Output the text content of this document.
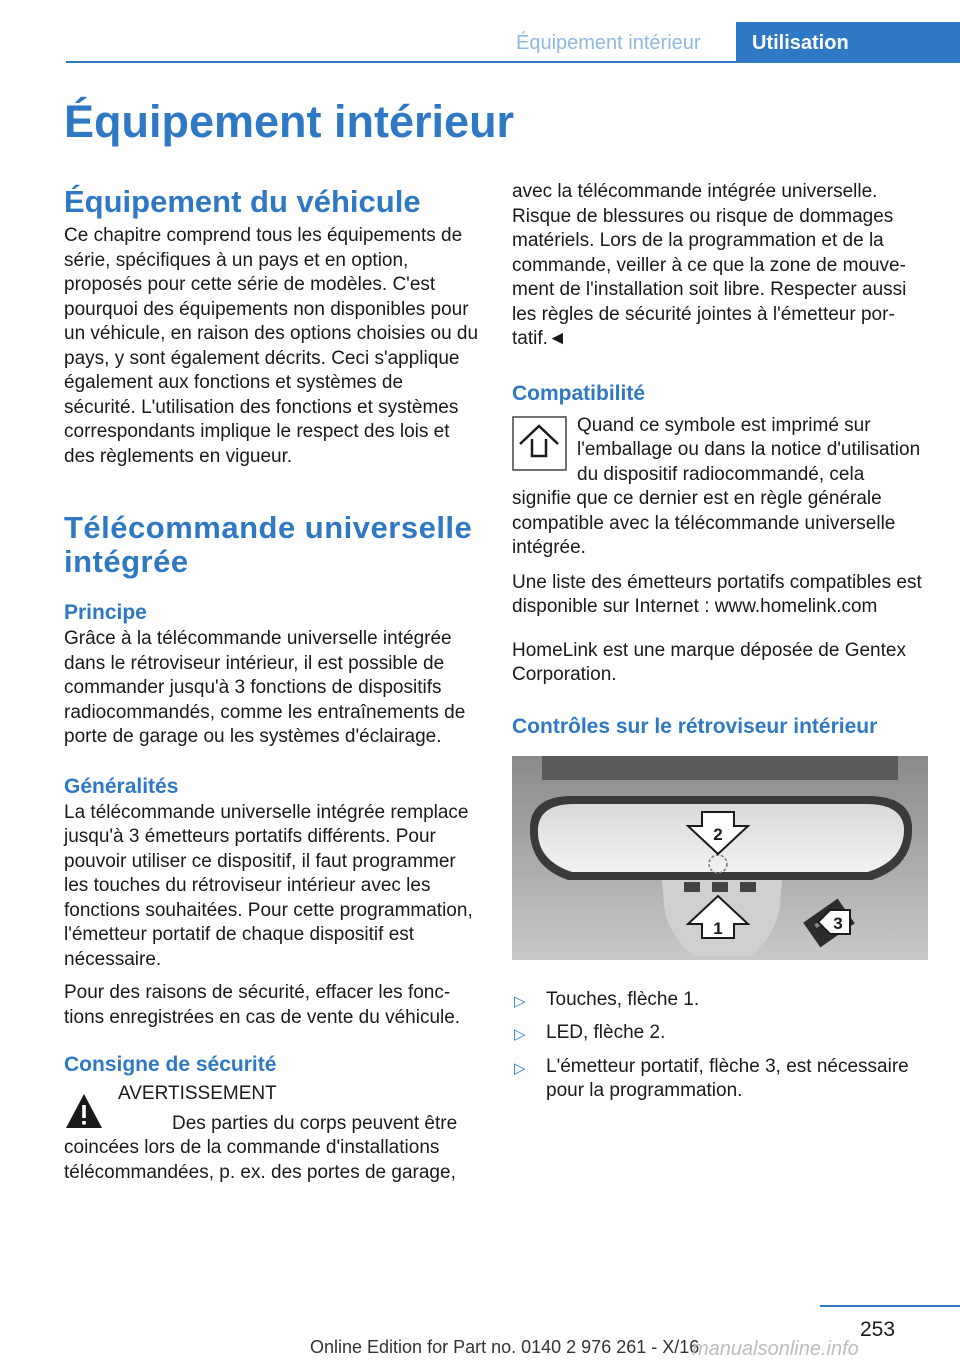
Équipement intérieur	Utilisation
Équipement intérieur
Équipement du véhicule

Ce chapitre comprend tous les équipements de série, spécifiques à un pays et en option, proposés pour cette série de modèles. C'est pourquoi des équipements non disponibles pour un véhicule, en raison des options choisies ou du pays, y sont également décrits. Ceci s'applique également aux fonctions et systèmes de sécurité. L'utilisation des fonctions et systèmes correspondants implique le respect des lois et des règlements en vigueur.

Télécommande universelle intégrée
Principe

Grâce à la télécommande universelle intégrée dans le rétroviseur intérieur, il est possible de commander jusqu'à 3 fonctions de dispositifs radiocommandés, comme les entraînements de porte de garage ou les systèmes d'éclairage.

Généralités

La télécommande universelle intégrée remplace jusqu'à 3 émetteurs portatifs différents. Pour pouvoir utiliser ce dispositif, il faut programmer les touches du rétroviseur intérieur avec les fonctions souhaitées. Pour cette programmation, l'émetteur portatif de chaque dispositif est nécessaire.

Pour des raisons de sécurité, effacer les fonctions enregistrées en cas de vente du véhicule.

Consigne de sécurité

AVERTISSEMENT

Des parties du corps peuvent être coincées lors de la commande d'installations télécommandées, p. ex. des portes de garage,

avec la télécommande intégrée universelle. Risque de blessures ou risque de dommages matériels. Lors de la programmation et de la commande, veiller à ce que la zone de mouvement de l'installation soit libre. Respecter aussi les règles de sécurité jointes à l'émetteur portatif.◄

Compatibilité

Quand ce symbole est imprimé sur l'emballage ou dans la notice d'utilisation du dispositif radiocommandé, cela signifie que ce dernier est en règle générale compatible avec la télécommande universelle intégrée.

Une liste des émetteurs portatifs compatibles est disponible sur Internet : www.homelink.com

HomeLink est une marque déposée de Gentex Corporation.

Contrôles sur le rétroviseur intérieur
2
1	3
▷ Touches, flèche 1.
▷ LED, flèche 2.
▷ L'émetteur portatif, flèche 3, est nécessaire pour la programmation.
253
Online Edition for Part no. 0140 2 976 261 - X/16
manualsonline.info
